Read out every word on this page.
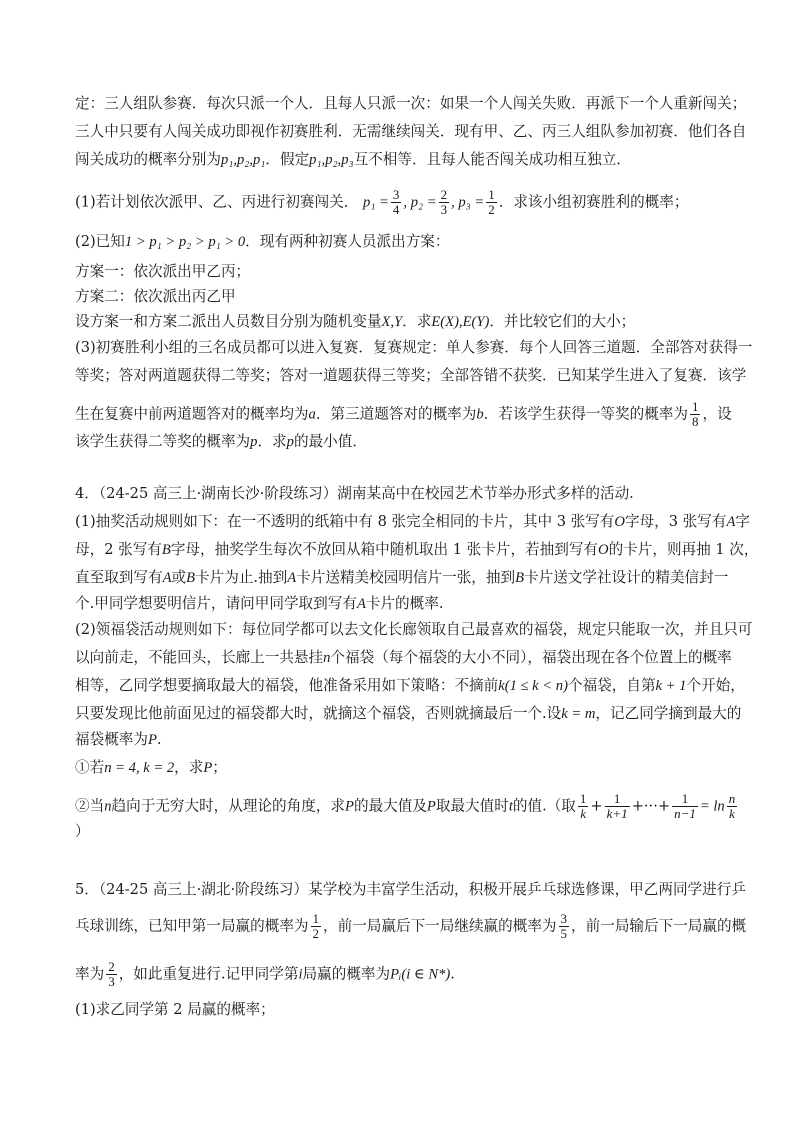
定：三人组队参赛．每次只派一个人．且每人只派一次：如果一个人闯关失败．再派下一个人重新闯关；
三人中只要有人闯关成功即视作初赛胜利．无需继续闯关．现有甲、乙、丙三人组队参加初赛．他们各自
闯关成功的概率分别为p₁,p₂,p₁．假定p₁,p₂,p₃互不相等．且每人能否闯关成功相互独立．
(1)若计划依次派甲、乙、丙进行初赛闯关． $p_1 = \frac{3}{4}$ , $p_2 = \frac{2}{3}$ , $p_3 = \frac{1}{2}$ ．求该小组初赛胜利的概率；
(2)已知1 > p₁ > p₂ > p₁ > 0．现有两种初赛人员派出方案：
方案一：依次派出甲乙丙；
方案二：依次派出丙乙甲
设方案一和方案二派出人员数目分别为随机变量X,Y．求E(X),E(Y)．并比较它们的大小；
(3)初赛胜利小组的三名成员都可以进入复赛．复赛规定：单人参赛．每个人回答三道题．全部答对获得一
等奖；答对两道题获得二等奖；答对一道题获得三等奖；全部答错不获奖．已知某学生进入了复赛．该学
生在复赛中前两道题答对的概率均为a．第三道题答对的概率为b．若该学生获得一等奖的概率为 $\frac{1}{8}$ ，设
该学生获得二等奖的概率为p．求p的最小值．
4．（24-25 高三上·湖南长沙·阶段练习）湖南某高中在校园艺术节举办形式多样的活动.
(1)抽奖活动规则如下：在一不透明的纸箱中有 8 张完全相同的卡片，其中 3 张写有O字母，3 张写有A字
母，2 张写有B字母，抽奖学生每次不放回从箱中随机取出 1 张卡片，若抽到写有O的卡片，则再抽 1 次，
直至取到写有A或B卡片为止.抽到A卡片送精美校园明信片一张，抽到B卡片送文学社设计的精美信封一
个.甲同学想要明信片，请问甲同学取到写有A卡片的概率.
(2)领福袋活动规则如下：每位同学都可以去文化长廊领取自己最喜欢的福袋，规定只能取一次，并且只可
以向前走，不能回头，长廊上一共悬挂n个福袋（每个福袋的大小不同），福袋出现在各个位置上的概率
相等，乙同学想要摘取最大的福袋，他准备采用如下策略：不摘前k(1 ≤ k < n)个福袋，自第k + 1个开始，
只要发现比他前面见过的福袋都大时，就摘这个福袋，否则就摘最后一个.设k = m，记乙同学摘到最大的
福袋概率为P.
①若n = 4, k = 2，求P；
②当n趋向于无穷大时，从理论的角度，求P的最大值及P取最大值时t的值.（取 $\frac{1}{k} + \frac{1}{k+1}$ +···+ $\frac{1}{n-1} = \ln \frac{n}{k}$
）
5．（24-25 高三上·湖北·阶段练习）某学校为丰富学生活动，积极开展乒乓球选修课，甲乙两同学进行乒
乓球训练，已知甲第一局赢的概率为 $\frac{1}{2}$ ，前一局赢后下一局继续赢的概率为 $\frac{3}{5}$ ，前一局输后下一局赢的概
率为 $\frac{2}{3}$ ，如此重复进行.记甲同学第i局赢的概率为Pᵢ(i ∈ N*).
(1)求乙同学第 2 局赢的概率；
